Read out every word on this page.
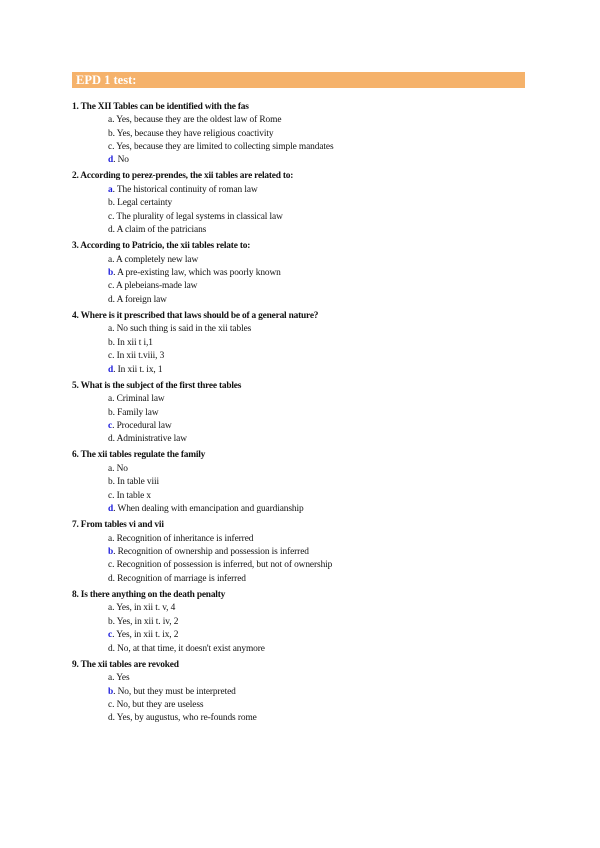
EPD 1 test:
1. The XII Tables can be identified with the fas
a. Yes, because they are the oldest law of Rome
b. Yes, because they have religious coactivity
c. Yes, because they are limited to collecting simple mandates
d. No
2. According to perez-prendes, the xii tables are related to:
a. The historical continuity of roman law
b. Legal certainty
c. The plurality of legal systems in classical law
d. A claim of the patricians
3. According to Patricio, the xii tables relate to:
a. A completely new law
b. A pre-existing law, which was poorly known
c. A plebeians-made law
d. A foreign law
4. Where is it prescribed that laws should be of a general nature?
a. No such thing is said in the xii tables
b. In xii t i,1
c. In xii t.viii, 3
d. In xii t. ix, 1
5. What is the subject of the first three tables
a. Criminal law
b. Family law
c. Procedural law
d. Administrative law
6. The xii tables regulate the family
a. No
b. In table viii
c. In table x
d. When dealing with emancipation and guardianship
7. From tables vi and vii
a. Recognition of inheritance is inferred
b. Recognition of ownership and possession is inferred
c. Recognition of possession is inferred, but not of ownership
d. Recognition of marriage is inferred
8. Is there anything on the death penalty
a. Yes, in xii t. v, 4
b. Yes, in xii t. iv, 2
c. Yes, in xii t. ix, 2
d. No, at that time, it doesn't exist anymore
9. The xii tables are revoked
a. Yes
b. No, but they must be interpreted
c. No, but they are useless
d. Yes, by augustus, who re-founds rome
